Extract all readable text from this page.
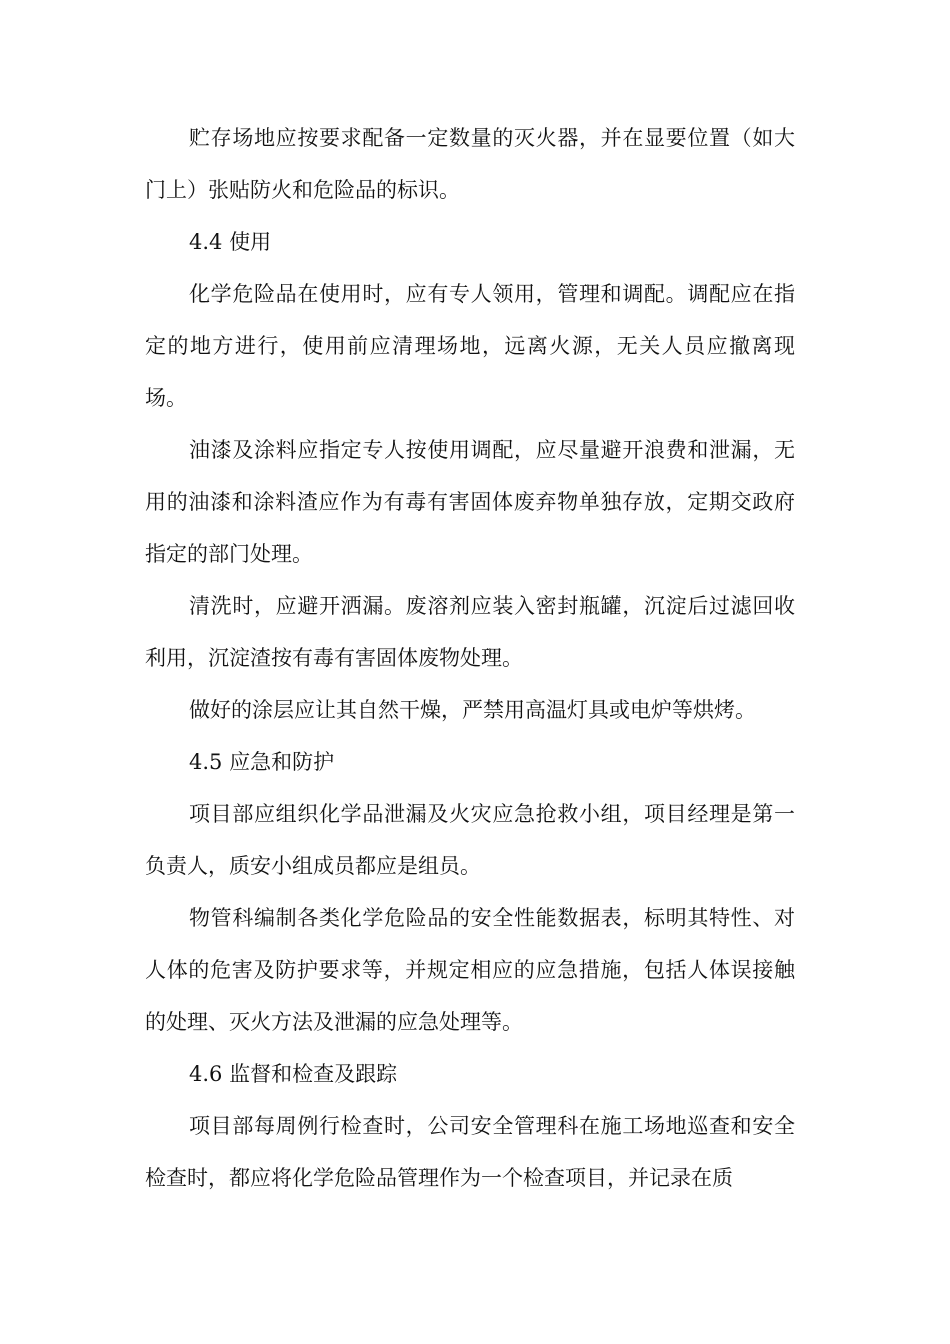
贮存场地应按要求配备一定数量的灭火器，并在显要位置（如大门上）张贴防火和危险品的标识。

4.4 使用

化学危险品在使用时，应有专人领用，管理和调配。调配应在指定的地方进行，使用前应清理场地，远离火源，无关人员应撤离现场。

油漆及涂料应指定专人按使用调配，应尽量避开浪费和泄漏，无用的油漆和涂料渣应作为有毒有害固体废弃物单独存放，定期交政府指定的部门处理。

清洗时，应避开洒漏。废溶剂应装入密封瓶罐，沉淀后过滤回收利用，沉淀渣按有毒有害固体废物处理。

做好的涂层应让其自然干燥，严禁用高温灯具或电炉等烘烤。

4.5 应急和防护

项目部应组织化学品泄漏及火灾应急抢救小组，项目经理是第一负责人，质安小组成员都应是组员。

物管科编制各类化学危险品的安全性能数据表，标明其特性、对人体的危害及防护要求等，并规定相应的应急措施，包括人体误接触的处理、灭火方法及泄漏的应急处理等。

4.6 监督和检查及跟踪

项目部每周例行检查时，公司安全管理科在施工场地巡查和安全检查时，都应将化学危险品管理作为一个检查项目，并记录在质
